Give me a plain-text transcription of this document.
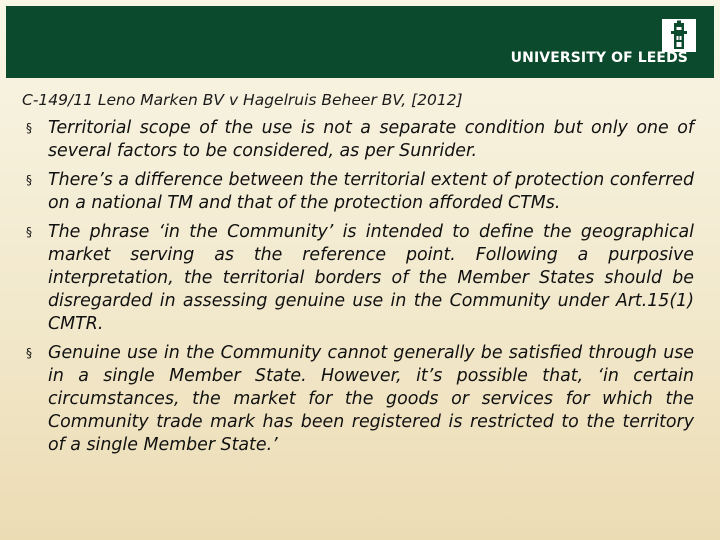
UNIVERSITY OF LEEDS
C-149/11 Leno Marken BV v Hagelruis Beheer BV, [2012]
§ Territorial scope of the use is not a separate condition but only one of several factors to be considered, as per Sunrider.
§ There’s a difference between the territorial extent of protection conferred on a national TM and that of the protection afforded CTMs.
§ The phrase ‘in the Community’ is intended to define the geographical market serving as the reference point. Following a purposive interpretation, the territorial borders of the Member States should be disregarded in assessing genuine use in the Community under Art.15(1) CMTR.
§ Genuine use in the Community cannot generally be satisfied through use in a single Member State. However, it’s possible that, ‘in certain circumstances, the market for the goods or services for which the Community trade mark has been registered is restricted to the territory of a single Member State.’
